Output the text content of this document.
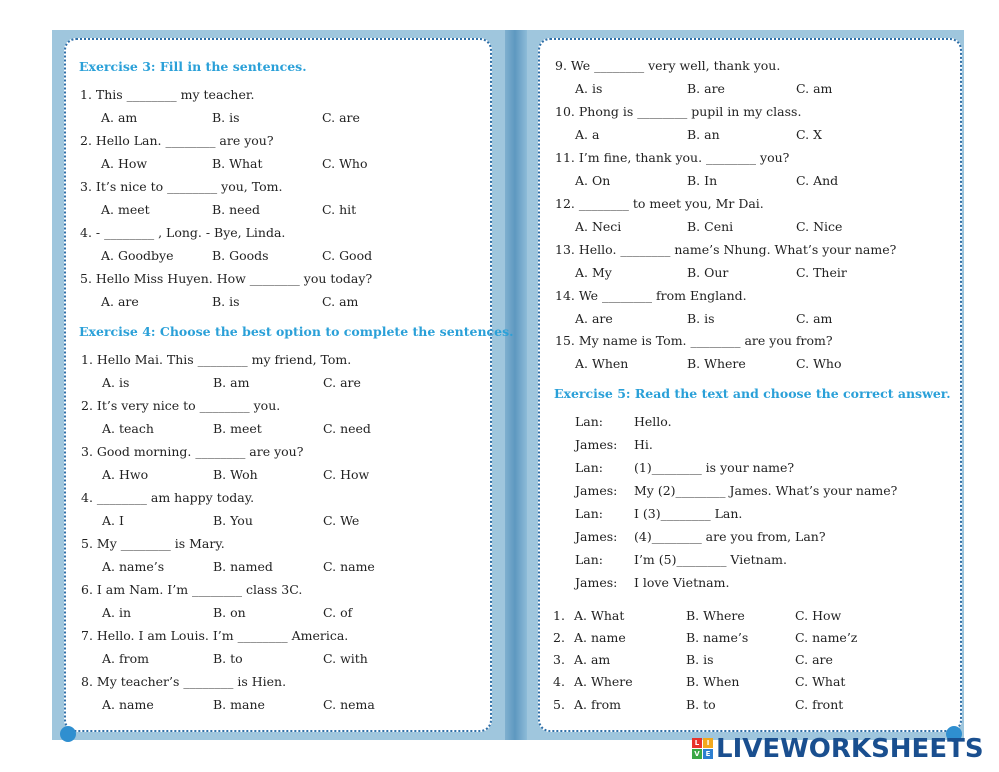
Exercise 3: Fill in the sentences.
1. This ________ my teacher.
A. am	B. is	C. are
2. Hello Lan. ________ are you?
A. How	B. What	C. Who
3. It’s nice to ________ you, Tom.
A. meet	B. need	C. hit
4. - ________ , Long. - Bye, Linda.
A. Goodbye	B. Goods	C. Good
5. Hello Miss Huyen. How ________ you today?
A. are	B. is	C. am
Exercise 4: Choose the best option to complete the sentences.
1. Hello Mai. This ________ my friend, Tom.
A. is	B. am	C. are
2. It’s very nice to ________ you.
A. teach	B. meet	C. need
3. Good morning. ________ are you?
A. Hwo	B. Woh	C. How
4. ________ am happy today.
A. I	B. You	C. We
5. My ________ is Mary.
A. name’s	B. named	C. name
6. I am Nam. I’m ________ class 3C.
A. in	B. on	C. of
7. Hello. I am Louis. I’m ________ America.
A. from	B. to	C. with
8. My teacher’s ________ is Hien.
A. name	B. mane	C. nema
9. We ________ very well, thank you.
A. is	B. are	C. am
10. Phong is ________ pupil in my class.
A. a	B. an	C. X
11. I’m fine, thank you. ________ you?
A. On	B. In	C. And
12. ________ to meet you, Mr Dai.
A. Neci	B. Ceni	C. Nice
13. Hello. ________ name’s Nhung. What’s your name?
A. My	B. Our	C. Their
14. We ________ from England.
A. are	B. is	C. am
15. My name is Tom. ________ are you from?
A. When	B. Where	C. Who
Exercise 5: Read the text and choose the correct answer.
Lan: Hello.
James: Hi.
Lan: (1)________ is your name?
James: My (2)________ James. What’s your name?
Lan: I (3)________ Lan.
James: (4)________ are you from, Lan?
Lan: I’m (5)________ Vietnam.
James: I love Vietnam.
1. A. What	B. Where	C. How
2. A. name	B. name’s	C. name’z
3. A. am	B. is	C. are
4. A. Where	B. When	C. What
5. A. from	B. to	C. front
L	I
V E LIVEWORKSHEETS
